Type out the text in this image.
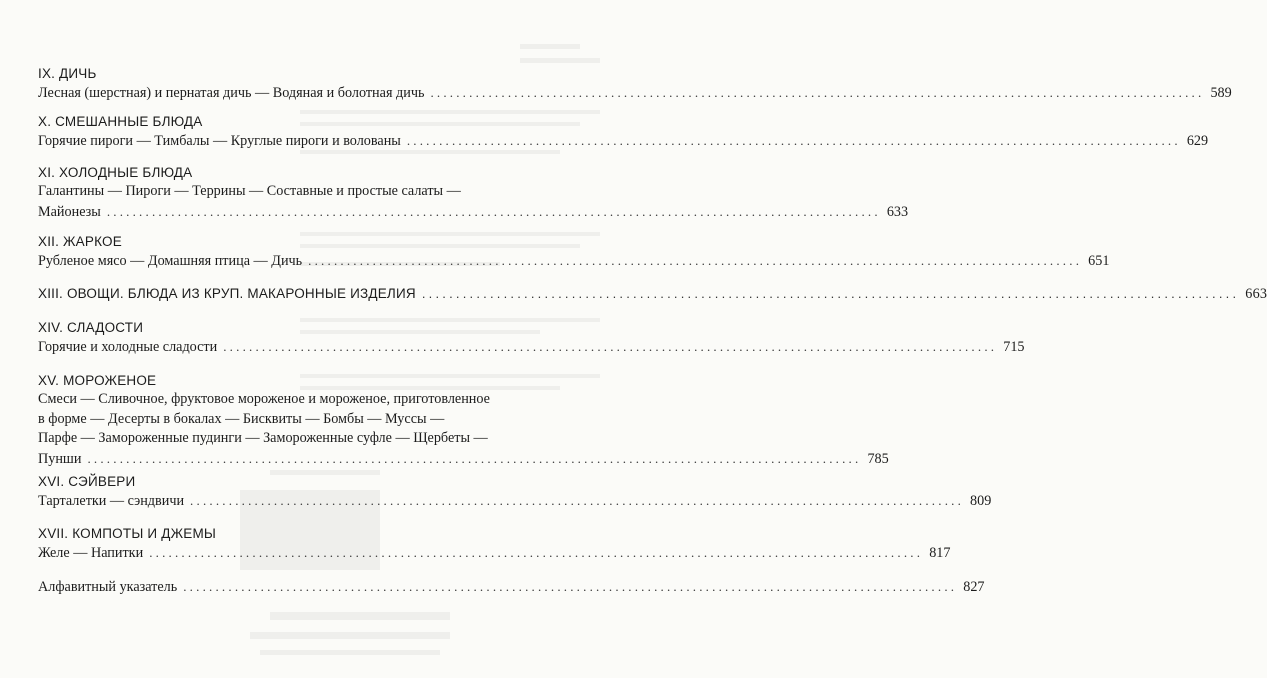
IX. ДИЧЬ
Лесная (шерстная) и пернатая дичь — Водяная и болотная дичь ........................................................................................................................ 589
X. СМЕШАННЫЕ БЛЮДА
Горячие пироги — Тимбалы — Круглые пироги и волованы ........................................................................................................................ 629
XI. ХОЛОДНЫЕ БЛЮДА
Галантины — Пироги — Террины — Составные и простые салаты —
Майонезы ........................................................................................................................ 633
XII. ЖАРКОЕ
Рубленое мясо — Домашняя птица — Дичь ........................................................................................................................ 651
XIII. ОВОЩИ. БЛЮДА ИЗ КРУП. МАКАРОННЫЕ ИЗДЕЛИЯ ........................................................................................................................ 663
XIV. СЛАДОСТИ
Горячие и холодные сладости ........................................................................................................................ 715
XV. МОРОЖЕНОЕ
Смеси — Сливочное, фруктовое мороженое и мороженое, приготовленное
в форме — Десерты в бокалах — Бисквиты — Бомбы — Муссы —
Парфе — Замороженные пудинги — Замороженные суфле — Щербеты —
Пунши ........................................................................................................................ 785
XVI. СЭЙВЕРИ
Тарталетки — сэндвичи ........................................................................................................................ 809
XVII. КОМПОТЫ И ДЖЕМЫ
Желе — Напитки ........................................................................................................................ 817
Алфавитный указатель ........................................................................................................................ 827
